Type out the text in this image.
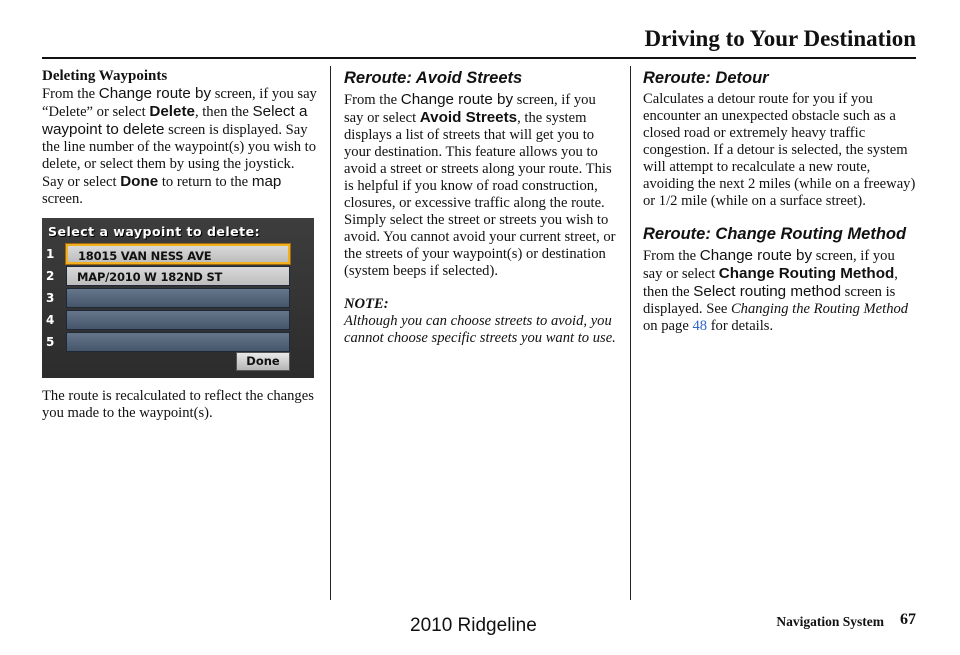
Driving to Your Destination

Deleting Waypoints

From the Change route by screen, if you say “Delete” or select Delete, then the Select a waypoint to delete screen is displayed. Say the line number of the waypoint(s) you wish to delete, or select them by using the joystick. Say or select Done to return to the map screen.

Select a waypoint to delete:
1 18015 VAN NESS AVE
2 MAP/2010 W 182ND ST
3
4
5
Done

The route is recalculated to reflect the changes you made to the waypoint(s).

Reroute: Avoid Streets

From the Change route by screen, if you say or select Avoid Streets, the system displays a list of streets that will get you to your destination. This feature allows you to avoid a street or streets along your route. This is helpful if you know of road construction, closures, or excessive traffic along the route. Simply select the street or streets you wish to avoid. You cannot avoid your current street, or the streets of your waypoint(s) or destination (system beeps if selected).

NOTE:

Although you can choose streets to avoid, you cannot choose specific streets you want to use.

Reroute: Detour

Calculates a detour route for you if you encounter an unexpected obstacle such as a closed road or extremely heavy traffic congestion. If a detour is selected, the system will attempt to recalculate a new route, avoiding the next 2 miles (while on a freeway) or 1/2 mile (while on a surface street).

Reroute: Change Routing Method

From the Change route by screen, if you say or select Change Routing Method, then the Select routing method screen is displayed. See Changing the Routing Method on page 48 for details.

Navigation System 67
2010 Ridgeline
